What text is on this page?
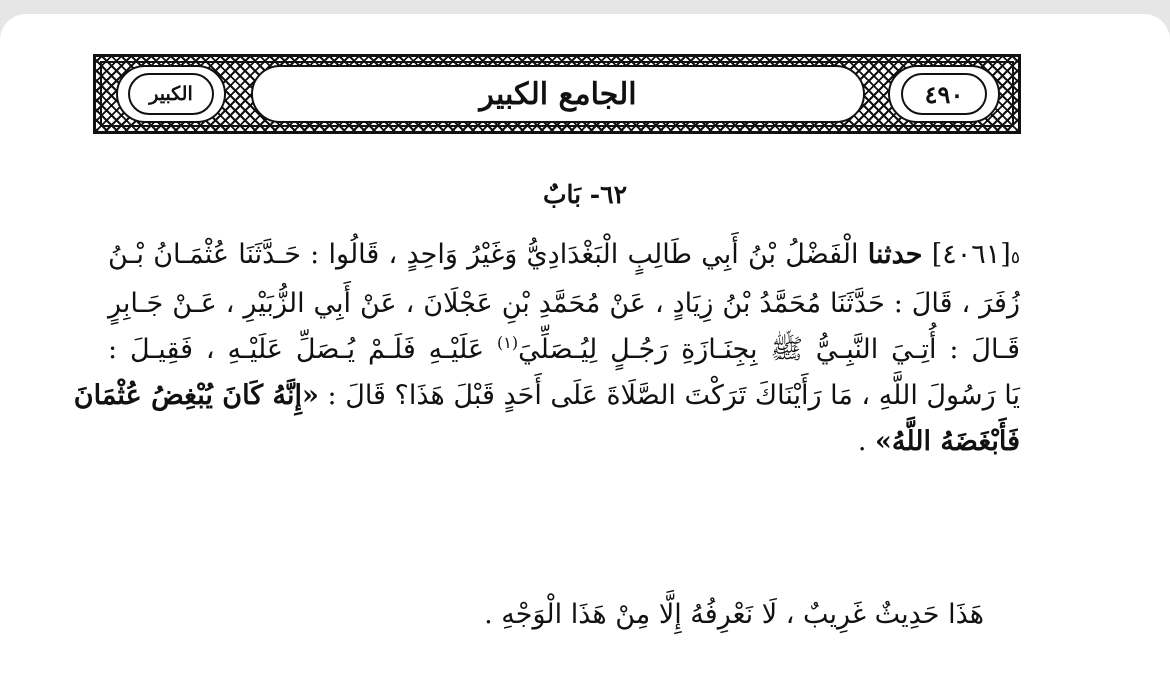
الكبير	الجامع الكبير	٤٩٠
٦٢- بَابٌ

٥[٤٠٦١] حدثنا الْفَضْلُ بْنُ أَبِي طَالِبٍ الْبَغْدَادِيُّ وَغَيْرُ وَاحِدٍ ، قَالُوا : حَـدَّثَنَا عُثْمَـانُ بْـنُ
زُفَرَ ، قَالَ : حَدَّثَنَا مُحَمَّدُ بْنُ زِيَادٍ ، عَنْ مُحَمَّدِ بْنِ عَجْلَانَ ، عَنْ أَبِي الزُّبَيْرِ ، عَـنْ جَـابِرٍ
قَـالَ : أُتِـيَ النَّبِـيُّ ﷺ بِجِنَـازَةِ رَجُـلٍ لِيُـصَلِّيَ$^{(١)}$ عَلَيْـهِ فَلَـمْ يُـصَلِّ عَلَيْـهِ ، فَقِيـلَ :
يَا رَسُولَ اللَّهِ ، مَا رَأَيْنَاكَ تَرَكْتَ الصَّلَاةَ عَلَى أَحَدٍ قَبْلَ هَذَا؟ قَالَ : «إِنَّهُ كَانَ يُبْغِضُ عُثْمَانَ
فَأَبْغَضَهُ اللَّهُ» .

هَذَا حَدِيثٌ غَرِيبٌ ، لَا نَعْرِفُهُ إِلَّا مِنْ هَذَا الْوَجْهِ .
